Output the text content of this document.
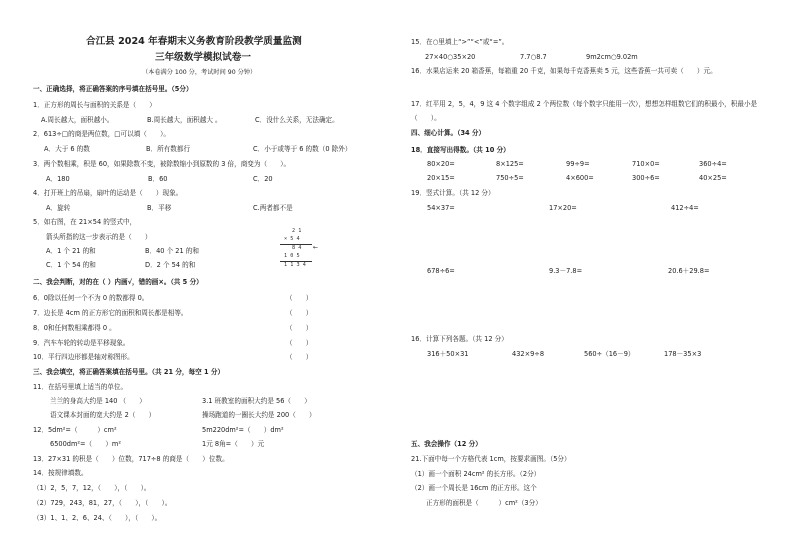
合江县 2024 年春期末义务教育阶段教学质量监测
三年级数学模拟试卷一
（本卷满分 100 分，考试时间 90 分钟）
一、正确选择，将正确答案的序号填在括号里。（5分）
1．正方形的周长与面积的关系是（　　）
A.周长越大，面积越小。	B.周长越大，面积越大 。	C．没什么关系，无法确定。
2．613÷□的商是两位数，□可以填（　　）。
A．大于 6 的数	B．所有数都行	C．小于或等于 6 的数（0 除外）
3．两个数相乘，积是 60，如果除数不变，被除数缩小到原数的 3 倍，商变为（　　）。
A．180	B．60	C．20
4．打开班上的吊扇，扇叶的运动是（　　）现象。
A．旋转	B．平移	C.两者都不是
5．如右图，在 21×54 的竖式中，
箭头所指的这一步表示的是（　　）
A．1 个 21 的和	B．40 个 21 的和
C．1 个 54 的和	D．2 个 54 的和
2 1
× 5 4
8 4 ←
1 0 5
1 1 3 4
二、我会判断，对的在（ ）内画√，错的画×。（共 5 分）
6．0除以任何一个不为 0 的数都得 0。	（　　）
7．边长是 4cm 的正方形它的面积和周长都是相等。	（　　）
8．0和任何数相乘都得 0 。	（　　）
9．汽车车轮的转动是平移现象。	（　　）
10．平行四边形都是轴对称图形。	（　　）
三、我会填空，将正确答案填在括号里。（共 21 分，每空 1 分）
11．在括号里填上适当的单位。
兰兰的身高大约是 140 （　　）	3.1 班教室的面积大约是 56（　　）
语文课本封面的宽大约是 2（　　）	操场跑道的一圈长大约是 200（　　）
12．5dm²=（　　　）cm²	5m220dm²=（　　）dm²
6500dm²=（　　）m²	1元 8角=（　　）元
13．27×31 的积是（　　）位数，717÷8 的商是（　　）位数。
14．按规律填数。
（1）2，5，7，12，（　　），（　　）。
（2）729，243，81，27，（　　），（　　）。
（3）1、1、2、6、24、（　　），（　　）。
15．在○里填上“>”“<”或“=”。
27×40○35×20	7.7○8.7	9m2cm○9.02m
16．水果店运来 20 箱香蕉，每箱重 20 千克，如果每千克香蕉卖 5 元，这些香蕉一共可卖（　　）元。
17．红平用 2，5，4，9 这 4 个数字组成 2 个两位数（每个数字只能用一次），想想怎样组数它们的积最小，积最小是（　　）。
四、细心计算。（34 分）
18．直接写出得数。（共 10 分）
80×20=	8×125=	99÷9=	710×0=	360÷4=
20×15=	750÷5=	4×600=	300÷6=	40×25=
19．竖式计算。（共 12 分）
54×37=	17×20=	412÷4=
678÷6=	9.3－7.8=	20.6＋29.8=
16．计算下列各题。（共 12 分）
316＋50×31	432×9÷8	560÷（16－9）	178－35×3
五、我会操作（12 分）
21.下面中每一个方格代表 1cm，按要求画图。（5分）
（1）画一个面积 24cm² 的长方形。（2分）
（2）画一个周长是 16cm 的正方形。这个
正方形的面积是（　　　）cm²（3分）
